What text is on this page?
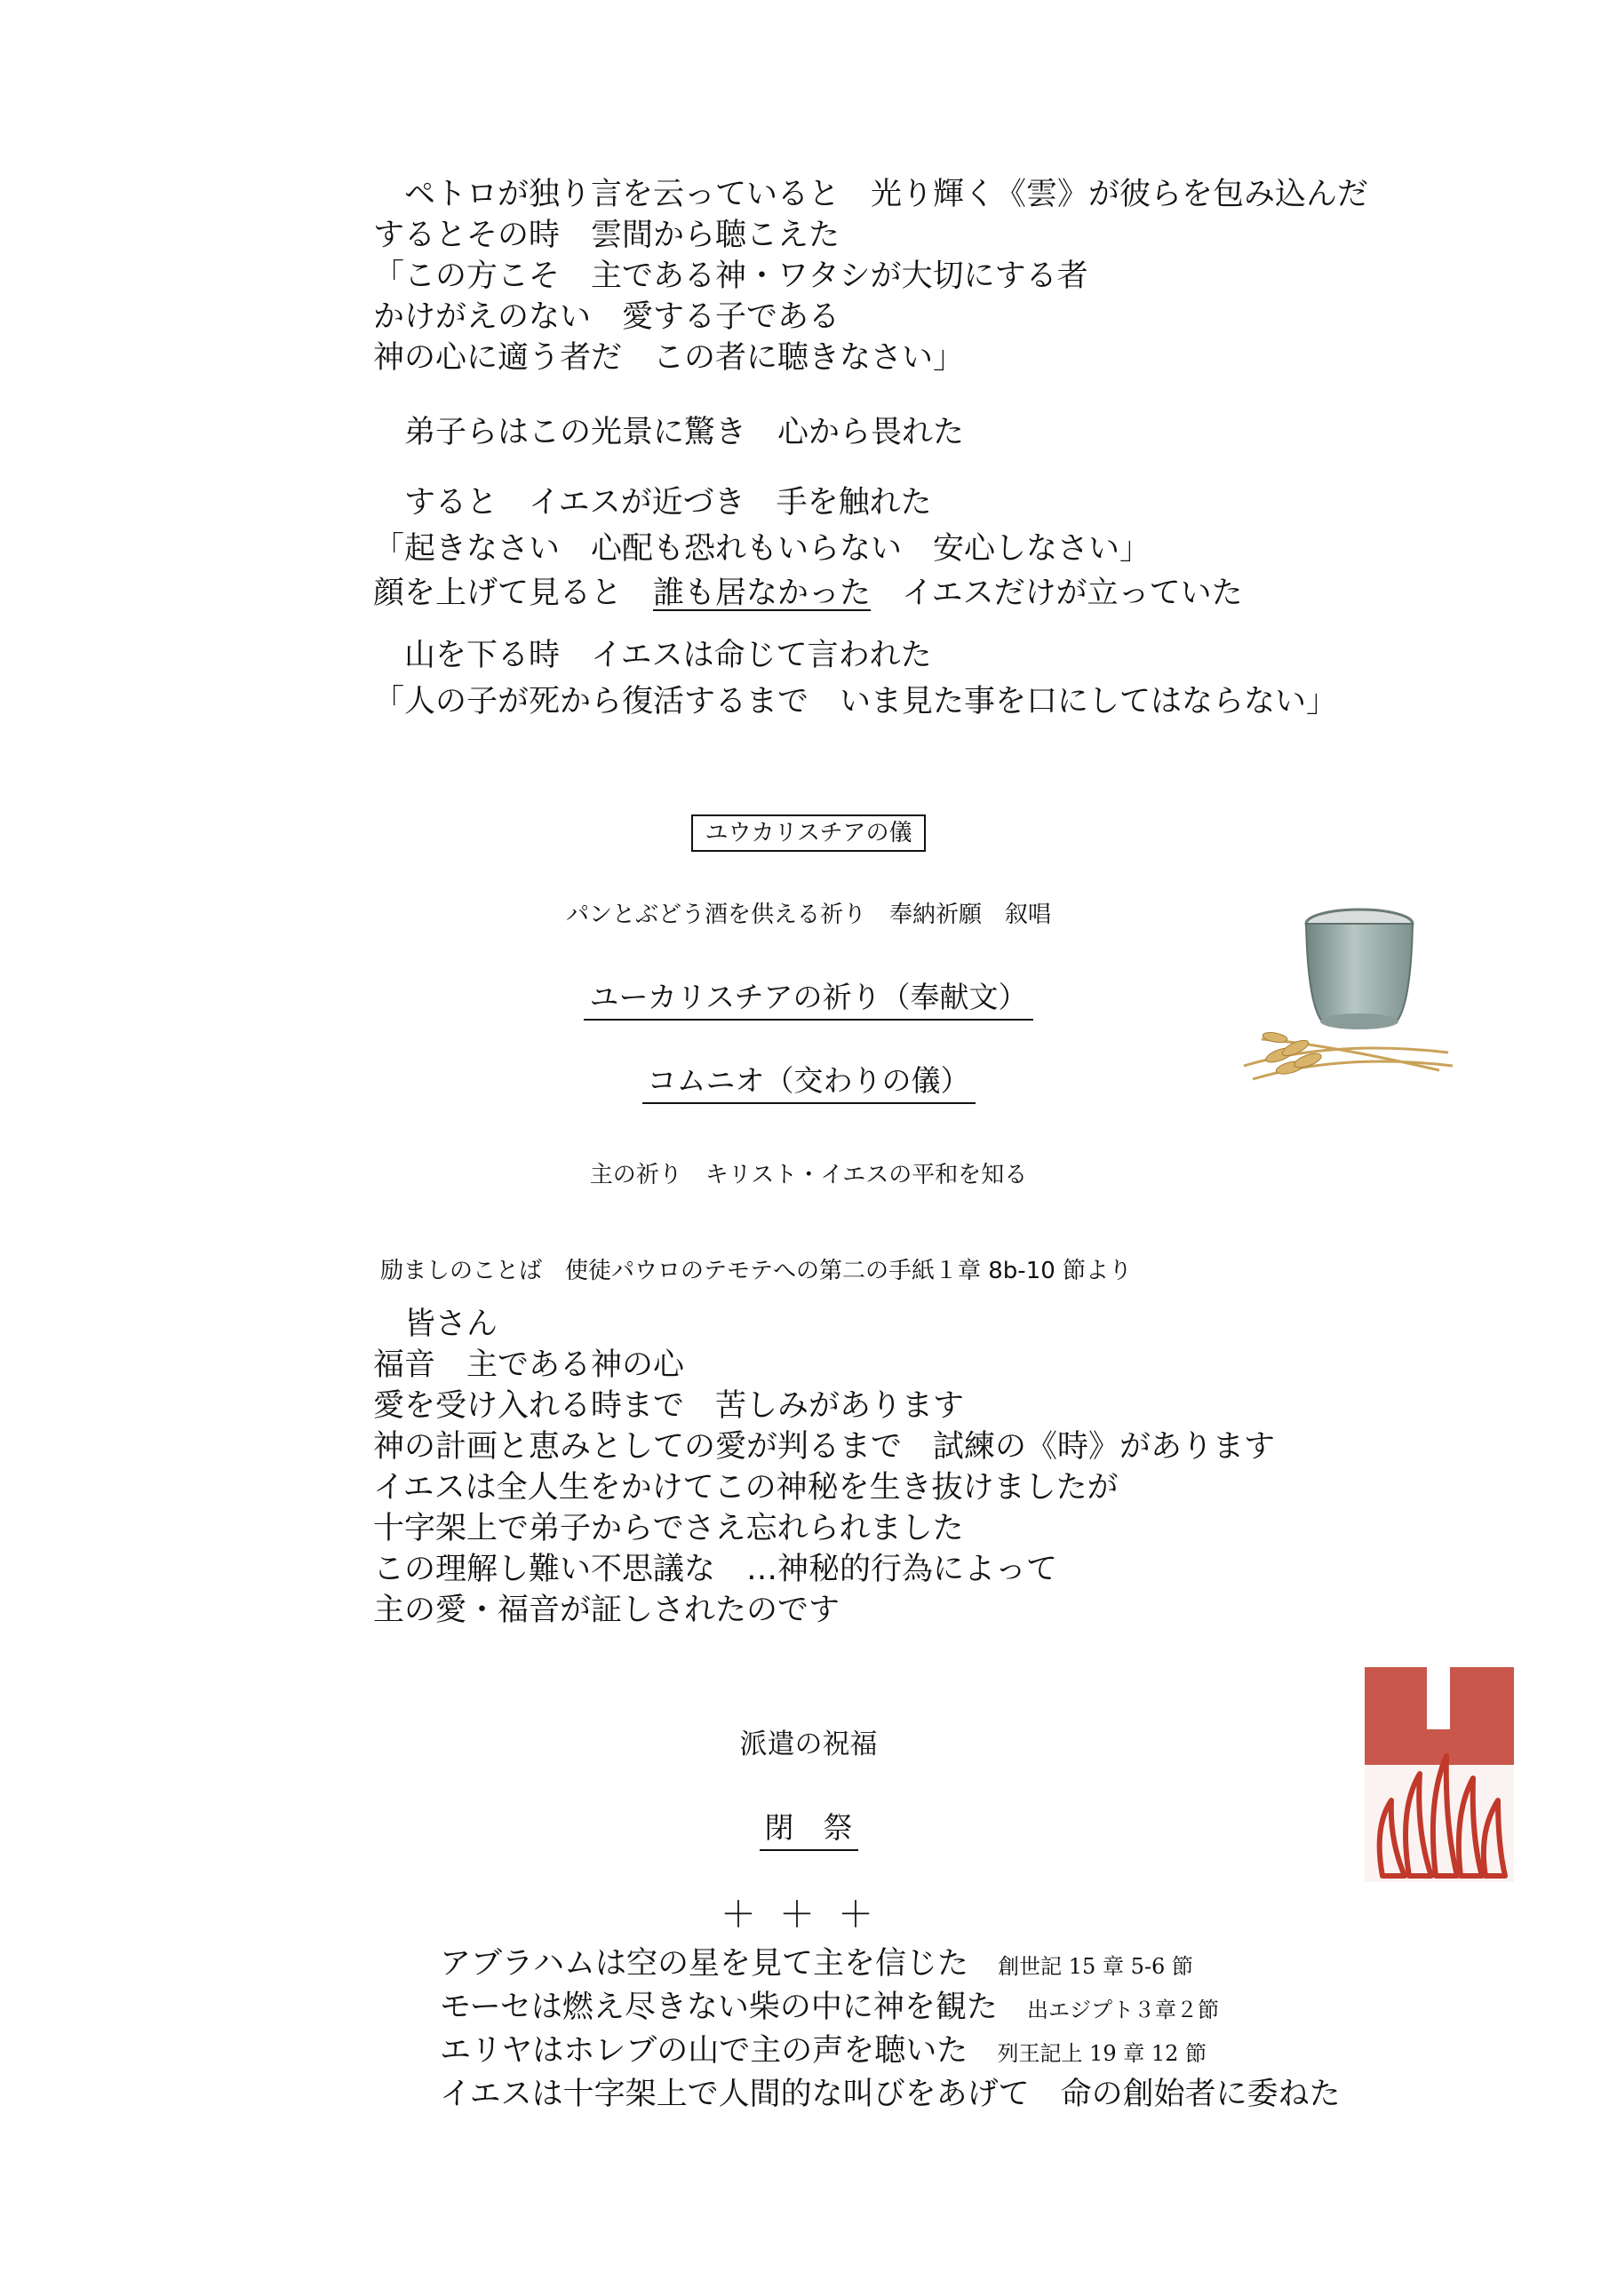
　ペトロが独り言を云っていると　光り輝く《雲》が彼らを包み込んだ
するとその時　雲間から聴こえた
「この方こそ　主である神・ワタシが大切にする者
かけがえのない　愛する子である
神の心に適う者だ　この者に聴きなさい」
　弟子らはこの光景に驚き　心から畏れた
　すると　イエスが近づき　手を触れた
「起きなさい　心配も恐れもいらない　安心しなさい」
顔を上げて見ると　誰も居なかった　イエスだけが立っていた
　山を下る時　イエスは命じて言われた
「人の子が死から復活するまで　いま見た事を口にしてはならない」
ユウカリスチアの儀
パンとぶどう酒を供える祈り　奉納祈願　叙唱
ユーカリスチアの祈り（奉献文）
コムニオ（交わりの儀）
主の祈り　キリスト・イエスの平和を知る
励ましのことば　使徒パウロのテモテへの第二の手紙１章 8b-10 節より
　皆さん
福音　主である神の心
愛を受け入れる時まで　苦しみがあります
神の計画と恵みとしての愛が判るまで　試練の《時》があります
イエスは全人生をかけてこの神秘を生き抜けましたが
十字架上で弟子からでさえ忘れられました
この理解し難い不思議な　…神秘的行為によって
主の愛・福音が証しされたのです
派遣の祝福
閉　祭
＋＋＋
アブラハムは空の星を見て主を信じた 創世記 15 章 5-6 節
モーセは燃え尽きない柴の中に神を観た 出エジプト３章２節
エリヤはホレブの山で主の声を聴いた 列王記上 19 章 12 節
イエスは十字架上で人間的な叫びをあげて　命の創始者に委ねた
